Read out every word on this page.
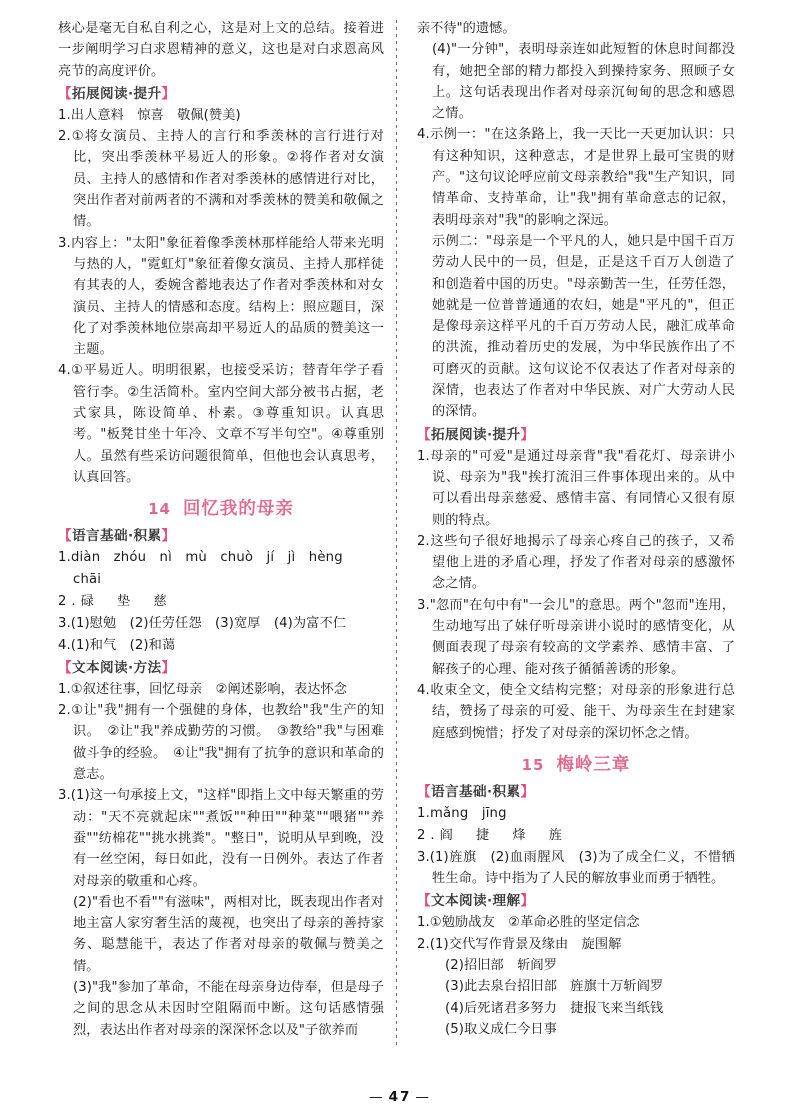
核心是毫无自私自利之心，这是对上文的总结。接着进一步阐明学习白求恩精神的意义，这也是对白求恩高风亮节的高度评价。

【拓展阅读·提升】

1.出人意料　惊喜　敬佩(赞美)

2.①将女演员、主持人的言行和季羡林的言行进行对比，突出季羡林平易近人的形象。②将作者对女演员、主持人的感情和作者对季羡林的感情进行对比，突出作者对前两者的不满和对季羡林的赞美和敬佩之情。

3.内容上："太阳"象征着像季羡林那样能给人带来光明与热的人，"霓虹灯"象征着像女演员、主持人那样徒有其表的人，委婉含蓄地表达了作者对季羡林和对女演员、主持人的情感和态度。结构上：照应题目，深化了对季羡林地位崇高却平易近人的品质的赞美这一主题。

4.①平易近人。明明很累，也接受采访；替青年学子看管行李。②生活简朴。室内空间大部分被书占据，老式家具，陈设简单、朴素。③尊重知识。认真思考。"板凳甘坐十年冷、文章不写半句空"。④尊重别人。虽然有些采访问题很简单，但他也会认真思考，认真回答。

14 回忆我的母亲
【语言基础·积累】

1.diàn　zhóu　nì　mù　chuò　jí　jì　hèng　chāi

2.碌　垫　慈

3.(1)慰勉　(2)任劳任怨　(3)宽厚　(4)为富不仁

4.(1)和气　(2)和蔼

【文本阅读·方法】

1.①叙述往事，回忆母亲　②阐述影响，表达怀念

2.①让"我"拥有一个强健的身体，也教给"我"生产的知识。　②让"我"养成勤劳的习惯。　③教给"我"与困难做斗争的经验。　④让"我"拥有了抗争的意识和革命的意志。

3.(1)这一句承接上文，"这样"即指上文中每天繁重的劳动："天不亮就起床""煮饭""种田""种菜""喂猪""养蚕""纺棉花""挑水挑粪"。"整日"，说明从早到晚，没有一丝空闲，每日如此，没有一日例外。表达了作者对母亲的敬重和心疼。

(2)"看也不看""有滋味"，两相对比，既表现出作者对地主富人家穷奢生活的蔑视，也突出了母亲的善持家务、聪慧能干，表达了作者对母亲的敬佩与赞美之情。

(3)"我"参加了革命，不能在母亲身边侍奉，但是母子之间的思念从未因时空阻隔而中断。这句话感情强烈，表达出作者对母亲的深深怀念以及"子欲养而

亲不待"的遗憾。

(4)"一分钟"，表明母亲连如此短暂的休息时间都没有，她把全部的精力都投入到操持家务、照顾子女上。这句话表现出作者对母亲沉甸甸的思念和感恩之情。

4.示例一："在这条路上，我一天比一天更加认识：只有这种知识，这种意志，才是世界上最可宝贵的财产。"这句议论呼应前文母亲教给"我"生产知识，同情革命、支持革命，让"我"拥有革命意志的记叙，表明母亲对"我"的影响之深远。

示例二："母亲是一个平凡的人，她只是中国千百万劳动人民中的一员，但是，正是这千百万人创造了和创造着中国的历史。"母亲勤苦一生，任劳任怨，她就是一位普普通通的农妇，她是"平凡的"，但正是像母亲这样平凡的千百万劳动人民，融汇成革命的洪流，推动着历史的发展，为中华民族作出了不可磨灭的贡献。这句议论不仅表达了作者对母亲的深情，也表达了作者对中华民族、对广大劳动人民的深情。

【拓展阅读·提升】

1.母亲的"可爱"是通过母亲背"我"看花灯、母亲讲小说、母亲为"我"挨打流泪三件事体现出来的。从中可以看出母亲慈爱、感情丰富、有同情心又很有原则的特点。

2.这些句子很好地揭示了母亲心疼自己的孩子，又希望他上进的矛盾心理，抒发了作者对母亲的感激怀念之情。

3."忽而"在句中有"一会儿"的意思。两个"忽而"连用，生动地写出了妹仔听母亲讲小说时的感情变化，从侧面表现了母亲有较高的文学素养、感情丰富、了解孩子的心理、能对孩子循循善诱的形象。

4.收束全文，使全文结构完整；对母亲的形象进行总结，赞扬了母亲的可爱、能干、为母亲生在封建家庭感到惋惜；抒发了对母亲的深切怀念之情。

15 梅岭三章
【语言基础·积累】

1.mǎng　jīng

2.阎　捷　烽　旌

3.(1)旌旗　(2)血雨腥风　(3)为了成全仁义，不惜牺牲生命。诗中指为了人民的解放事业而勇于牺牲。

【文本阅读·理解】

1.①勉励战友　②革命必胜的坚定信念

2.(1)交代写作背景及缘由　旋围解

(2)招旧部　斩阎罗

(3)此去泉台招旧部　旌旗十万斩阎罗

(4)后死诸君多努力　捷报飞来当纸钱

(5)取义成仁今日事

— 47 —
